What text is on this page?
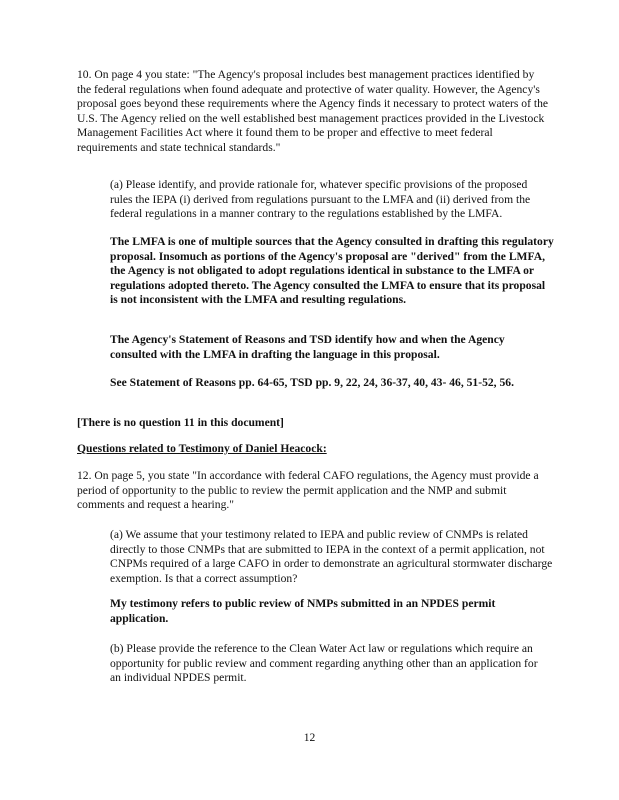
10. On page 4 you state: "The Agency's proposal includes best management practices identified by the federal regulations when found adequate and protective of water quality. However, the Agency's proposal goes beyond these requirements where the Agency finds it necessary to protect waters of the U.S. The Agency relied on the well established best management practices provided in the Livestock Management Facilities Act where it found them to be proper and effective to meet federal requirements and state technical standards."

(a) Please identify, and provide rationale for, whatever specific provisions of the proposed rules the IEPA (i) derived from regulations pursuant to the LMFA and (ii) derived from the federal regulations in a manner contrary to the regulations established by the LMFA.

The LMFA is one of multiple sources that the Agency consulted in drafting this regulatory proposal. Insomuch as portions of the Agency's proposal are "derived" from the LMFA, the Agency is not obligated to adopt regulations identical in substance to the LMFA or regulations adopted thereto. The Agency consulted the LMFA to ensure that its proposal is not inconsistent with the LMFA and resulting regulations.

The Agency's Statement of Reasons and TSD identify how and when the Agency consulted with the LMFA in drafting the language in this proposal.

See Statement of Reasons pp. 64-65, TSD pp. 9, 22, 24, 36-37, 40, 43- 46, 51-52, 56.

[There is no question 11 in this document]

Questions related to Testimony of Daniel Heacock:

12. On page 5, you state "In accordance with federal CAFO regulations, the Agency must provide a period of opportunity to the public to review the permit application and the NMP and submit comments and request a hearing."

(a) We assume that your testimony related to IEPA and public review of CNMPs is related directly to those CNMPs that are submitted to IEPA in the context of a permit application, not CNPMs required of a large CAFO in order to demonstrate an agricultural stormwater discharge exemption. Is that a correct assumption?

My testimony refers to public review of NMPs submitted in an NPDES permit application.

(b) Please provide the reference to the Clean Water Act law or regulations which require an opportunity for public review and comment regarding anything other than an application for an individual NPDES permit.

12
